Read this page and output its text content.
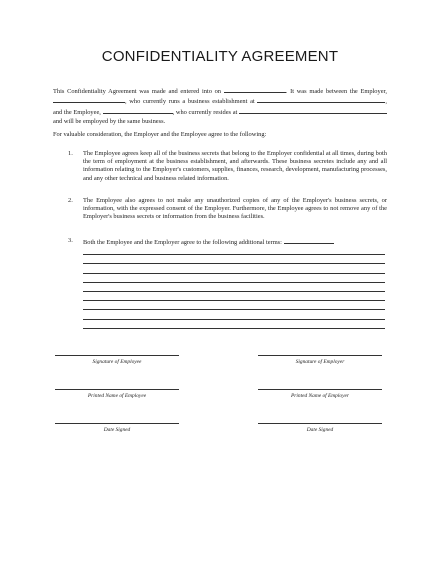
CONFIDENTIALITY AGREEMENT
This Confidentiality Agreement was made and entered into on	. It was made between the Employer, , who currently runs a business establishment at	, and the Employee,	, who currently resides at  and will be employed by the same business.
For valuable consideration, the Employer and the Employee agree to the following:
1. The Employee agrees keep all of the business secrets that belong to the Employer confidential at all times, during both the term of employment at the business establishment, and afterwards. These business secretes include any and all information relating to the Employer's customers, supplies, finances, research, development, manufacturing processes, and any other technical and business related information.
2. The Employee also agrees to not make any unauthorized copies of any of the Employer's business secrets, or information, with the expressed consent of the Employer. Furthermore, the Employee agrees to not remove any of the Employer's business secrets or information from the business facilities.
3. Both the Employee and the Employer agree to the following additional terms:
Signature of Employee	Signature of Employer
Printed Name of Employee	Printed Name of Employer
Date Signed	Date Signed
